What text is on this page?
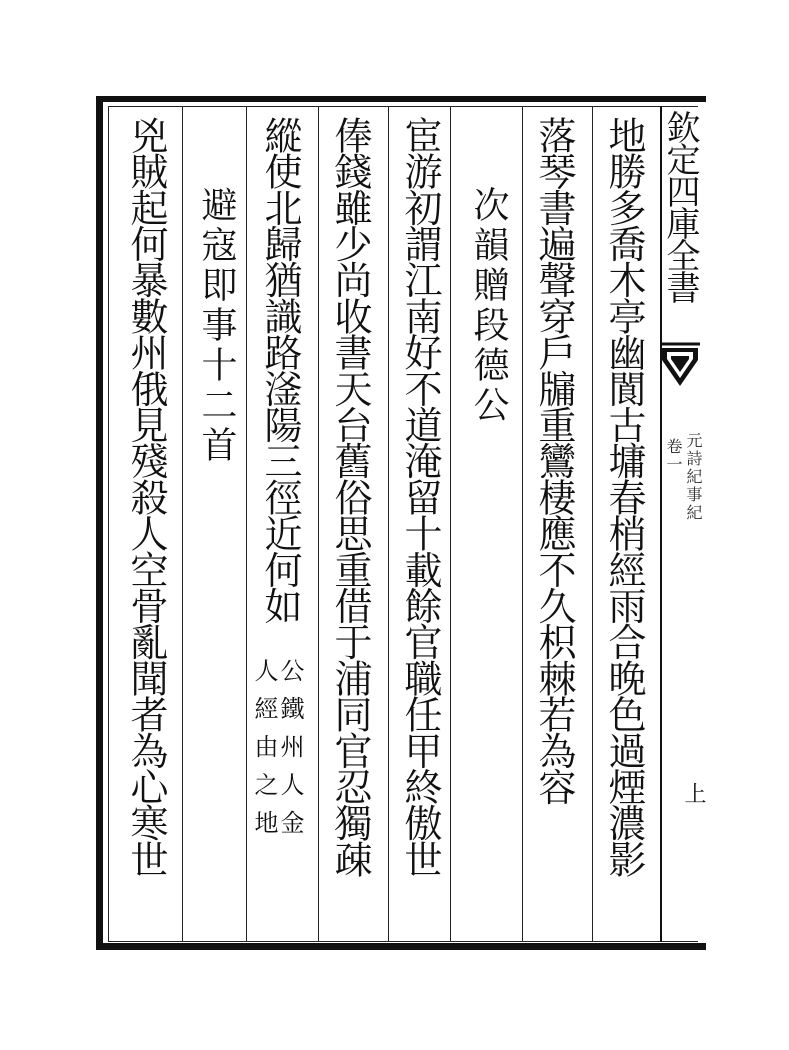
欽定四庫全書
卷一 元詩紀事紀
上
地勝多喬木亭幽閬古墉春梢經雨合晚色過煙濃影
落琴書遍聲穿戶牖重鸞棲應不久枳棘若為容
次韻贈段德公
宦游初謂江南好不道淹留十載餘官職任甲終傲世
俸錢雖少尚收書天台舊俗思重借于浦同官忍獨疎
縱使北歸猶識路滏陽三徑近何如
公鐵州人金
人經由之地
避寇即事十二首
兇賊起何暴數州俄見殘殺人空骨亂聞者為心寒世
